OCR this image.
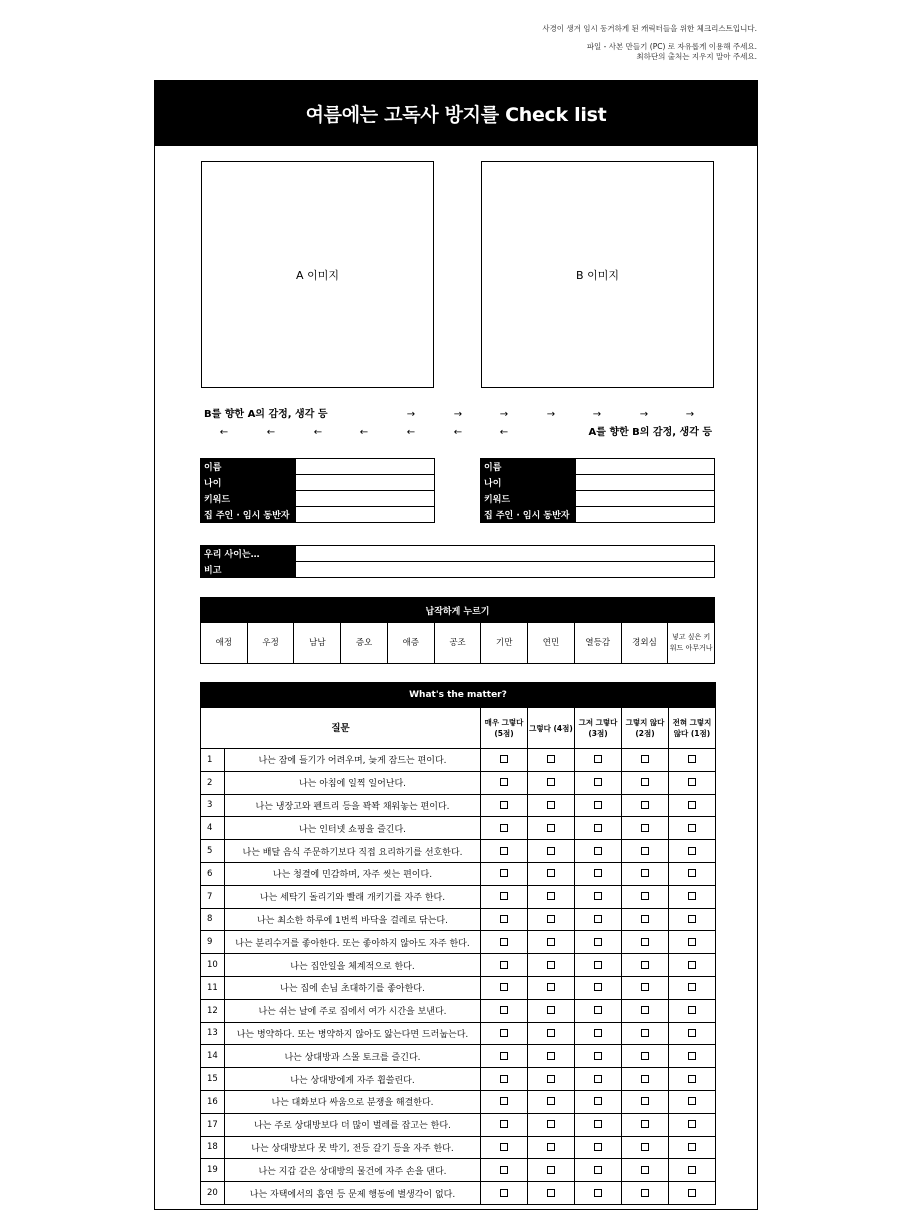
사경이 생겨 임시 동거하게 된 캐릭터들을 위한 체크리스트입니다.
파일 - 사본 만들기 (PC) 로 자유롭게 이용해 주세요.
최하단의 출처는 지우지 말아 주세요.
여름에는 고독사 방지를 Check list
A 이미지	B 이미지
B를 향한 A의 감정, 생각 등	→	→	→	→	→	→	→
←	←	←	←	←	←	←	A를 향한 B의 감정, 생각 등
이름	
나이	
키워드	
집 주인 · 임시 동반자	
이름	
나이	
키워드	
집 주인 · 임시 동반자	
우리 사이는…	
비고	
납작하게 누르기
애정	우정	남남	증오	애증	공조	기만	연민	열등감	경외심	넣고 싶은 키워드 아무거나
What's the matter?						
질문		매우 그렇다 (5점)	그렇다 (4점)	그저 그렇다 (3점)	그렇지 않다 (2점)	전혀 그렇지 않다 (1점)
1	나는 잠에 들기가 어려우며, 늦게 잠드는 편이다.					
2	나는 아침에 일찍 일어난다.					
3	나는 냉장고와 펜트리 등을 꽉꽉 채워놓는 편이다.					
4	나는 인터넷 쇼핑을 즐긴다.					
5	나는 배달 음식 주문하기보다 직접 요리하기를 선호한다.					
6	나는 청결에 민감하며, 자주 씻는 편이다.					
7	나는 세탁기 돌리기와 빨래 개키기를 자주 한다.					
8	나는 최소한 하루에 1번씩 바닥을 걸레로 닦는다.					
9	나는 분리수거를 좋아한다. 또는 좋아하지 않아도 자주 한다.					
10	나는 집안일을 체계적으로 한다.					
11	나는 집에 손님 초대하기를 좋아한다.					
12	나는 쉬는 날에 주로 집에서 여가 시간을 보낸다.					
13	나는 병약하다. 또는 병약하지 않아도 앓는다면 드러눕는다.					
14	나는 상대방과 스몰 토크를 즐긴다.					
15	나는 상대방에게 자주 휩쓸린다.					
16	나는 대화보다 싸움으로 분쟁을 해결한다.					
17	나는 주로 상대방보다 더 많이 벌레를 잡고는 한다.					
18	나는 상대방보다 못 박기, 전등 갈기 등을 자주 한다.					
19	나는 지갑 같은 상대방의 물건에 자주 손을 댄다.					
20	나는 자택에서의 흡연 등 문제 행동에 별생각이 없다.					
